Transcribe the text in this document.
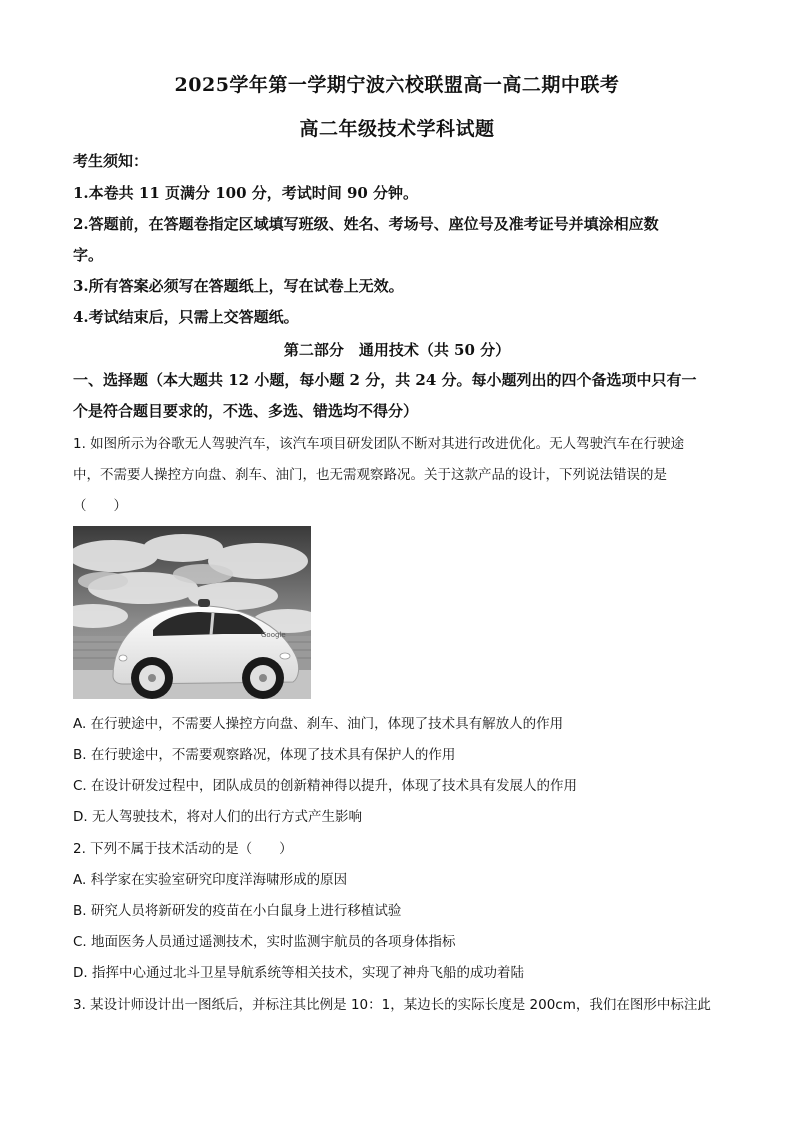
2025学年第一学期宁波六校联盟高一高二期中联考
高二年级技术学科试题
考生须知：
1.本卷共 11 页满分 100 分，考试时间 90 分钟。
2.答题前，在答题卷指定区域填写班级、姓名、考场号、座位号及准考证号并填涂相应数
字。
3.所有答案必须写在答题纸上，写在试卷上无效。
4.考试结束后，只需上交答题纸。
第二部分　通用技术（共 50 分）
一、选择题（本大题共 12 小题，每小题 2 分，共 24 分。每小题列出的四个备选项中只有一
个是符合题目要求的，不选、多选、错选均不得分）
1. 如图所示为谷歌无人驾驶汽车，该汽车项目研发团队不断对其进行改进优化。无人驾驶汽车在行驶途
中，不需要人操控方向盘、刹车、油门，也无需观察路况。关于这款产品的设计，下列说法错误的是
（　　）
Google
A. 在行驶途中，不需要人操控方向盘、刹车、油门，体现了技术具有解放人的作用
B. 在行驶途中，不需要观察路况，体现了技术具有保护人的作用
C. 在设计研发过程中，团队成员的创新精神得以提升，体现了技术具有发展人的作用
D. 无人驾驶技术，将对人们的出行方式产生影响
2. 下列不属于技术活动的是（　　）
A. 科学家在实验室研究印度洋海啸形成的原因
B. 研究人员将新研发的疫苗在小白鼠身上进行移植试验
C. 地面医务人员通过遥测技术，实时监测宇航员的各项身体指标
D. 指挥中心通过北斗卫星导航系统等相关技术，实现了神舟飞船的成功着陆
3. 某设计师设计出一图纸后，并标注其比例是 10：1，某边长的实际长度是 200cm，我们在图形中标注此
